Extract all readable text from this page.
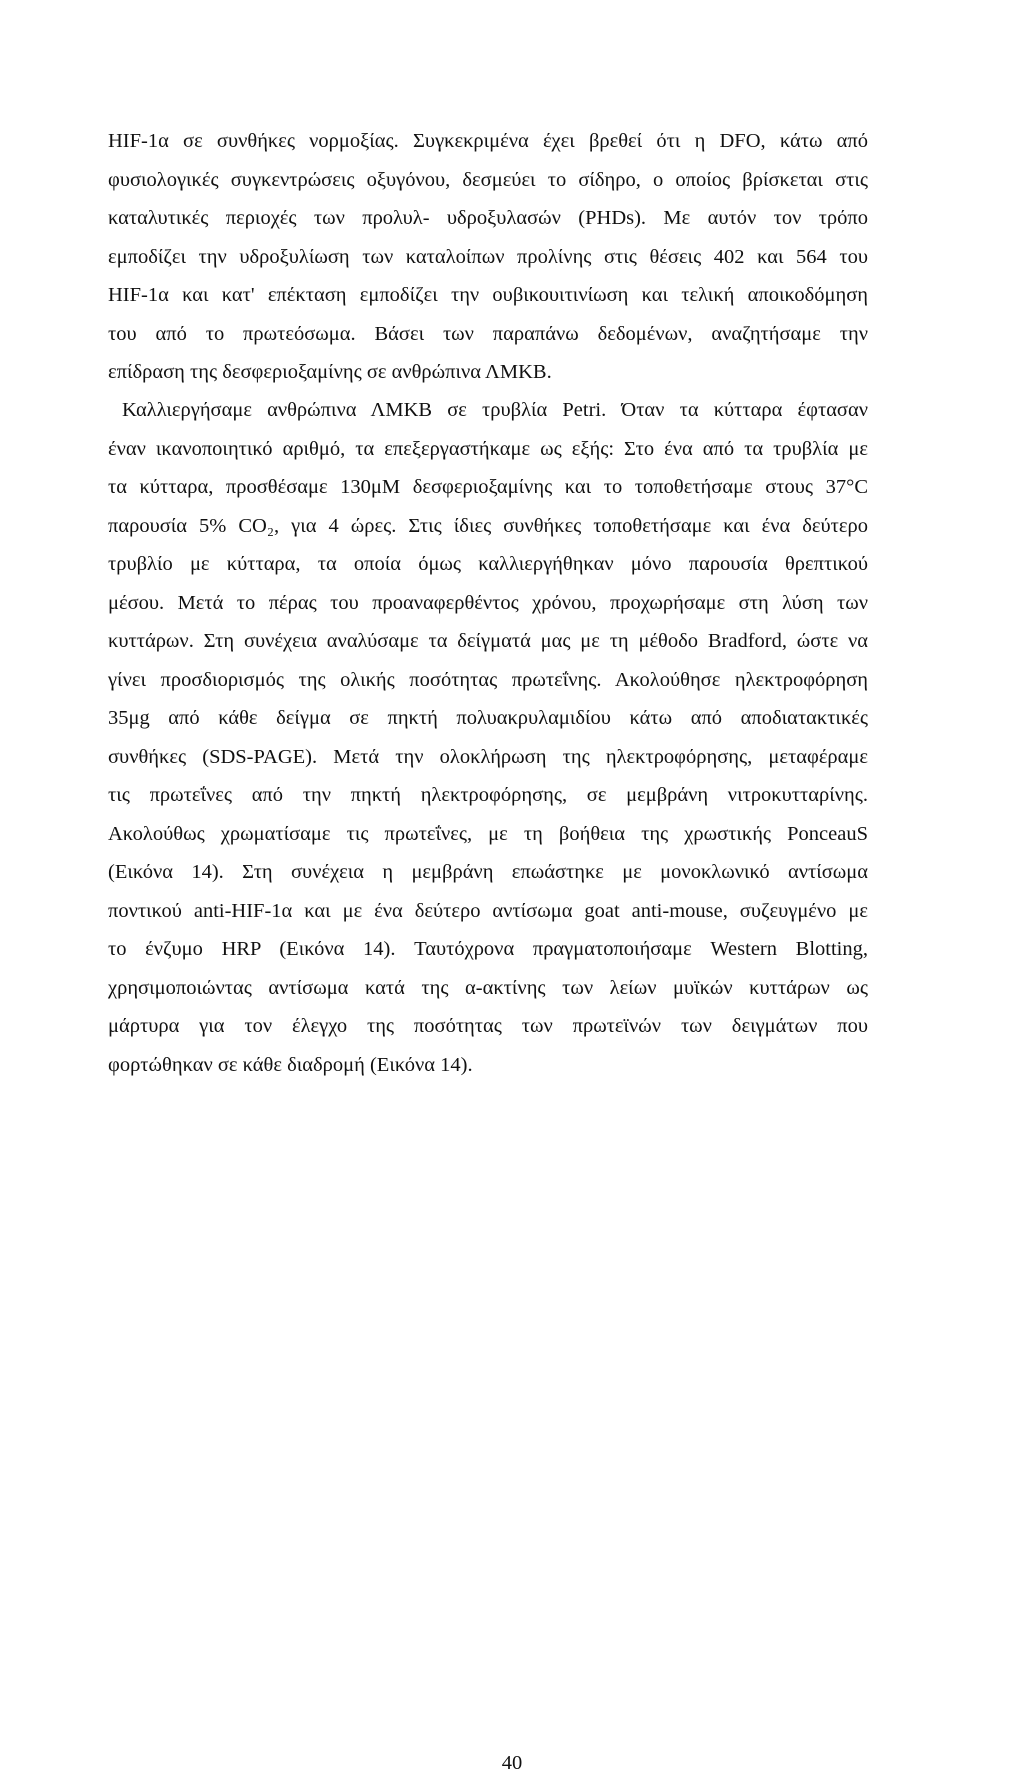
HIF-1α σε συνθήκες νορμοξίας. Συγκεκριμένα έχει βρεθεί ότι η DFO, κάτω από
φυσιολογικές συγκεντρώσεις οξυγόνου, δεσμεύει το σίδηρο, ο οποίος βρίσκεται στις
καταλυτικές περιοχές των προλυλ- υδροξυλασών (PHDs). Με αυτόν τον τρόπο
εμποδίζει την υδροξυλίωση των καταλοίπων προλίνης στις θέσεις 402 και 564 του
HIF-1α και κατ' επέκταση εμποδίζει την ουβικουιτινίωση και τελική αποικοδόμηση
του από το πρωτεόσωμα. Βάσει των παραπάνω δεδομένων, αναζητήσαμε την
επίδραση της δεσφεριοξαμίνης σε ανθρώπινα ΛΜΚΒ.
Καλλιεργήσαμε ανθρώπινα ΛΜΚΒ σε τρυβλία Petri. Όταν τα κύτταρα έφτασαν
έναν ικανοποιητικό αριθμό, τα επεξεργαστήκαμε ως εξής: Στο ένα από τα τρυβλία με
τα κύτταρα, προσθέσαμε 130μΜ δεσφεριοξαμίνης και το τοποθετήσαμε στους 37°C
παρουσία 5% CO₂, για 4 ώρες. Στις ίδιες συνθήκες τοποθετήσαμε και ένα δεύτερο
τρυβλίο με κύτταρα, τα οποία όμως καλλιεργήθηκαν μόνο παρουσία θρεπτικού
μέσου. Μετά το πέρας του προαναφερθέντος χρόνου, προχωρήσαμε στη λύση των
κυττάρων. Στη συνέχεια αναλύσαμε τα δείγματά μας με τη μέθοδο Bradford, ώστε να
γίνει προσδιορισμός της ολικής ποσότητας πρωτεΐνης. Ακολούθησε ηλεκτροφόρηση
35μg από κάθε δείγμα σε πηκτή πολυακρυλαμιδίου κάτω από αποδιατακτικές
συνθήκες (SDS-PAGE). Μετά την ολοκλήρωση της ηλεκτροφόρησης, μεταφέραμε
τις πρωτεΐνες από την πηκτή ηλεκτροφόρησης, σε μεμβράνη νιτροκυτταρίνης.
Ακολούθως χρωματίσαμε τις πρωτεΐνες, με τη βοήθεια της χρωστικής PonceauS
(Εικόνα 14). Στη συνέχεια η μεμβράνη επωάστηκε με μονοκλωνικό αντίσωμα
ποντικού anti-HIF-1α και με ένα δεύτερο αντίσωμα goat anti-mouse, συζευγμένο με
το ένζυμο HRP (Εικόνα 14). Ταυτόχρονα πραγματοποιήσαμε Western Blotting,
χρησιμοποιώντας αντίσωμα κατά της α-ακτίνης των λείων μυϊκών κυττάρων ως
μάρτυρα για τον έλεγχο της ποσότητας των πρωτεϊνών των δειγμάτων που
φορτώθηκαν σε κάθε διαδρομή (Εικόνα 14).
40
